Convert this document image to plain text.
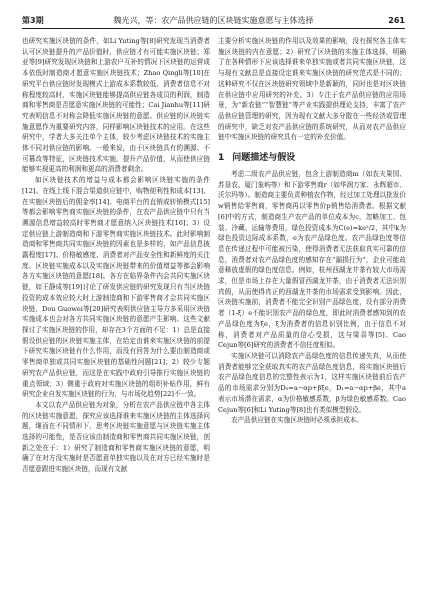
第3期	魏光兴，等：农产品供应链的区块链实施意愿与主体选择	261

也研究实施区块链的条件，如Li Yuting等[8]研究发现当消费者认可区块链提升的产品价值时，供应链才有可能实施区块链；郑亚等[9]研究发现区块链和上游农户互补的情况下区块链的运营成本依低时制造商才愿意实施区块链技术；Zhao Qingli等[10]在研究平台供应链时发现模式上游成本系数较低、消费者信息不对称程度较高时，实施区块链能够提高供应链各成员的利润，制造商和零售商是否愿意实施区块链的可能性；Cai Jianhu等[11]研究表明信息不对称会降低实施区块链的意愿。供应链的区块链实施意愿作为重要研究内容，同样影响区块链技术的应用。在这些研究中，学者大多关注单个主体，较少考虑区块链技术的实施主体不同对供应链的影响。一般来说，由于区块链具有的溯源、不可篡改等特征，区块链技术实施，提升产品价值，从而使供应链能够实现更高的利润和更高的消费者剩余。

如区块链技术的增益与成本都会影响区块链实施的条件[12]。在线上线下混合渠道供应链中，购物便利性和成本[13]、在实施区块链后的佣金率[14]、电商平台的直销或转销模式[15]等都会影响零售商实施区块链的条件，在农产品供应链中只有当溯源信息增益较高时零售商才愿意纳入区块链技术[16]；3）设定供应链上游制造商和下游零售商实施区块链技术。此时影响制造商和零售商共同实施区块链的因素也是多样的，如产品信息披露程度[17]、价格敏感度、消费者对产品安全性和新鲜度的关注度、区块链实施成本以及实施区块链带来的价值增益等都会影响各方实施区块链的意愿[18]。各方在临界条件内会共同实施区块链，如王静成等[19]讨论了研发供应链的研究发现只有当区块链投资的成本效应较大时上游制造商和下游零售商才会共同实施区块链，Dou Guowei等[20]研究表明供应链主导方多采用区块链实施成本也会对各方共同实施区块链的意愿产生影响。这些文献探讨了实施区块链的作用，却存在3个方面的不足：1）总是直接假设供应链的区块链实施主体，在给定由谁来实施区块链的前提下研究实施区块链有什么作用，而没有回答为什么要由制造商或零售商单独或共同实施区块链的基础性问题[21]；2）较少专题研究农产品供应链，而这是在实践中政府引导推行实施区块链的重点领域；3）侧重于政府对实施区块链的组织补贴作用，鲜有研究企业自发实施区块链的行为，与市场化趋势[22]不一致。

本文以农产品供应链为对象，分析在农产品供应链中各主体的区块链实施意愿，探究应该选择谁来实施区块链的主体选择问题，继而在不同情形下，思考区块链实施意愿与区块链实施主体选择的可能性，是否应该由制造商和零售商共同实施区块链，创新之处在于：1）研究了制造商和零售商实施区块链的意愿，明确了在对方没实施时是否愿意单独实施以及在对方已经实施时是否愿意跟进实施区块链，而现有文献

主要分析实施区块链的作用以及效果的影响，没有探究各主体实施区块链的内在意愿；2）研究了区块链的实施主体选择，明确了在各种情形下应该选择谁来单独实施或者共同实施区块链，这与现有文献总是直接设定谁来实施区块链的研究范式是不同的；这种研究不仅在区块链研究领域中是新颖的，同时也是对区块链在供应链中应用研究的补充。3）专注于农产品供应链的应用场景，为“新农链”“智慧链”等产业实践提供理论支持，丰富了农产品供应链管理的研究，因为现有文献大多分散在一些经济或管理的研究中，缺乏对农产品供应链的系统研究，从而对农产品供应链中实施区块链的研究具有一定的补充价值。

1 问题描述与假设

考虑二级农产品供应链，包含上游制造商m（如农夫果园、苏垦农、厦门象屿等）和下游零售商r（如华润万家、永辉超市、沃尔玛等）。制造商主要负责种植农作物，经过加工处理以批发价w销售给零售商，零售商再以零售价p销售给消费者。根据文献[6]中的方式，制造商生产农产品的单位成本为c，忽略加工、包装、冷藏、运输等费用，绿色投资成本为C(e)=ke²/2，其中k为绿色投资边际成本系数，e为农产品绿色度。农产品绿色度等信息在传递过程中可能被污染，使得消费者无法获取真实可靠的信息，消费者对农产品绿色度的感知存在“漏损行为”，企业可能故意释放虚假的绿色度信息。例如，杭州西湖龙井茶有较大市场需求，但是市场上存在大量假冒西湖龙井茶，由于消费者无法识别真假，从而使得真正的西湖龙井茶的市场需求受到影响。因此，区块链实施前，消费者不能完全识别产品绿色度，设有部分消费者（1-ξ）e不能识别农产品的绿色度，即此时消费者感知到的农产品绿色度为ξe，ξ为消费者的信息识别比例，由于信息不对称，消费者对产品质量的信心受损，这与梁喜等[5]、Cao Cejun等[6]研究的消费者不信任度相似。

实施区块链可以消除农产品绿色度的信息传递失真，从而使消费者能够完全获取真实的农产品绿色度信息，将实施区块链后农产品绿色度信息的完整性表示为1，这样实施区块链前后农产品的市场需求分别为D₀=a−αp+βξe，D₁=a−αp+βe，其中a表示市场潜在需求，α为价格敏感系数，β为绿色敏感系数。Cao Cejun等[6]和Li Yuting等[8]也有类似模型假设。

农产品供应链在实施区块链时必须承担成本。
